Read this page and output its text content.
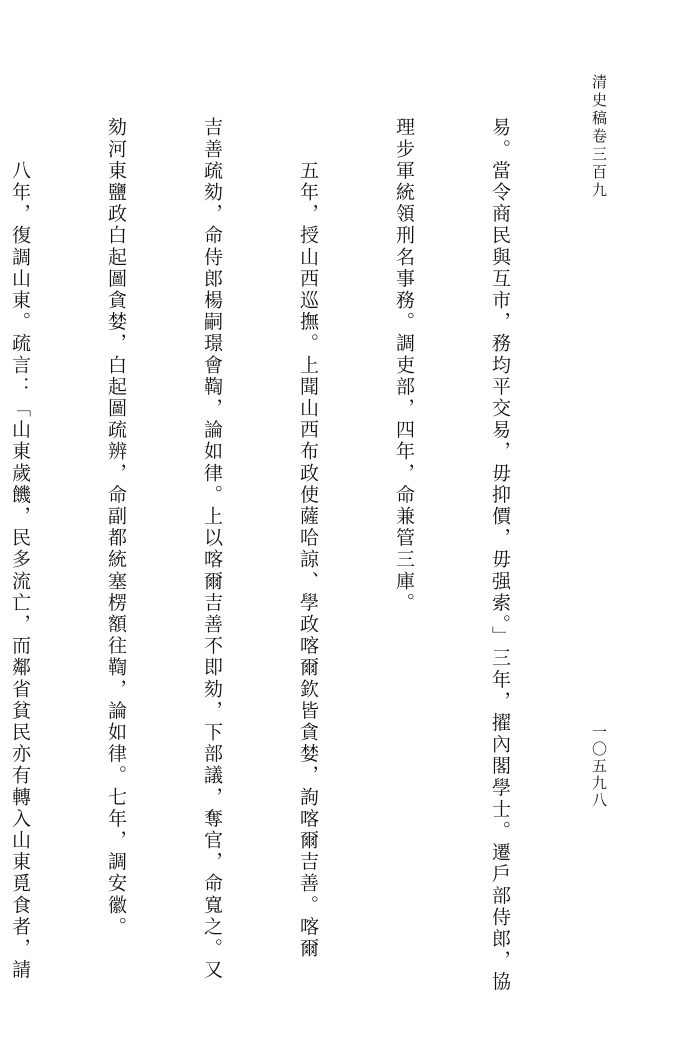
清史稿卷三百九
一〇五九八

易。當令商民與互市，務均平交易，毋抑價，毋强索。」三年，擢內閣學士。遷戶部侍郎，協

理步軍統領刑名事務。調吏部，四年，命兼管三庫。

　　五年，授山西巡撫。上聞山西布政使薩哈諒、學政喀爾欽皆貪婪，訽喀爾吉善。喀爾

吉善疏劾，命侍郎楊嗣璟會鞫，論如律。上以喀爾吉善不即劾，下部議，奪官，命寬之。又

劾河東鹽政白起圖貪婪，白起圖疏辨，命副都統塞楞額往鞫，論如律。七年，調安徽。

　　八年，復調山東。疏言：「山東歲饑，民多流亡，而鄰省貧民亦有轉入山東覓食者，請
